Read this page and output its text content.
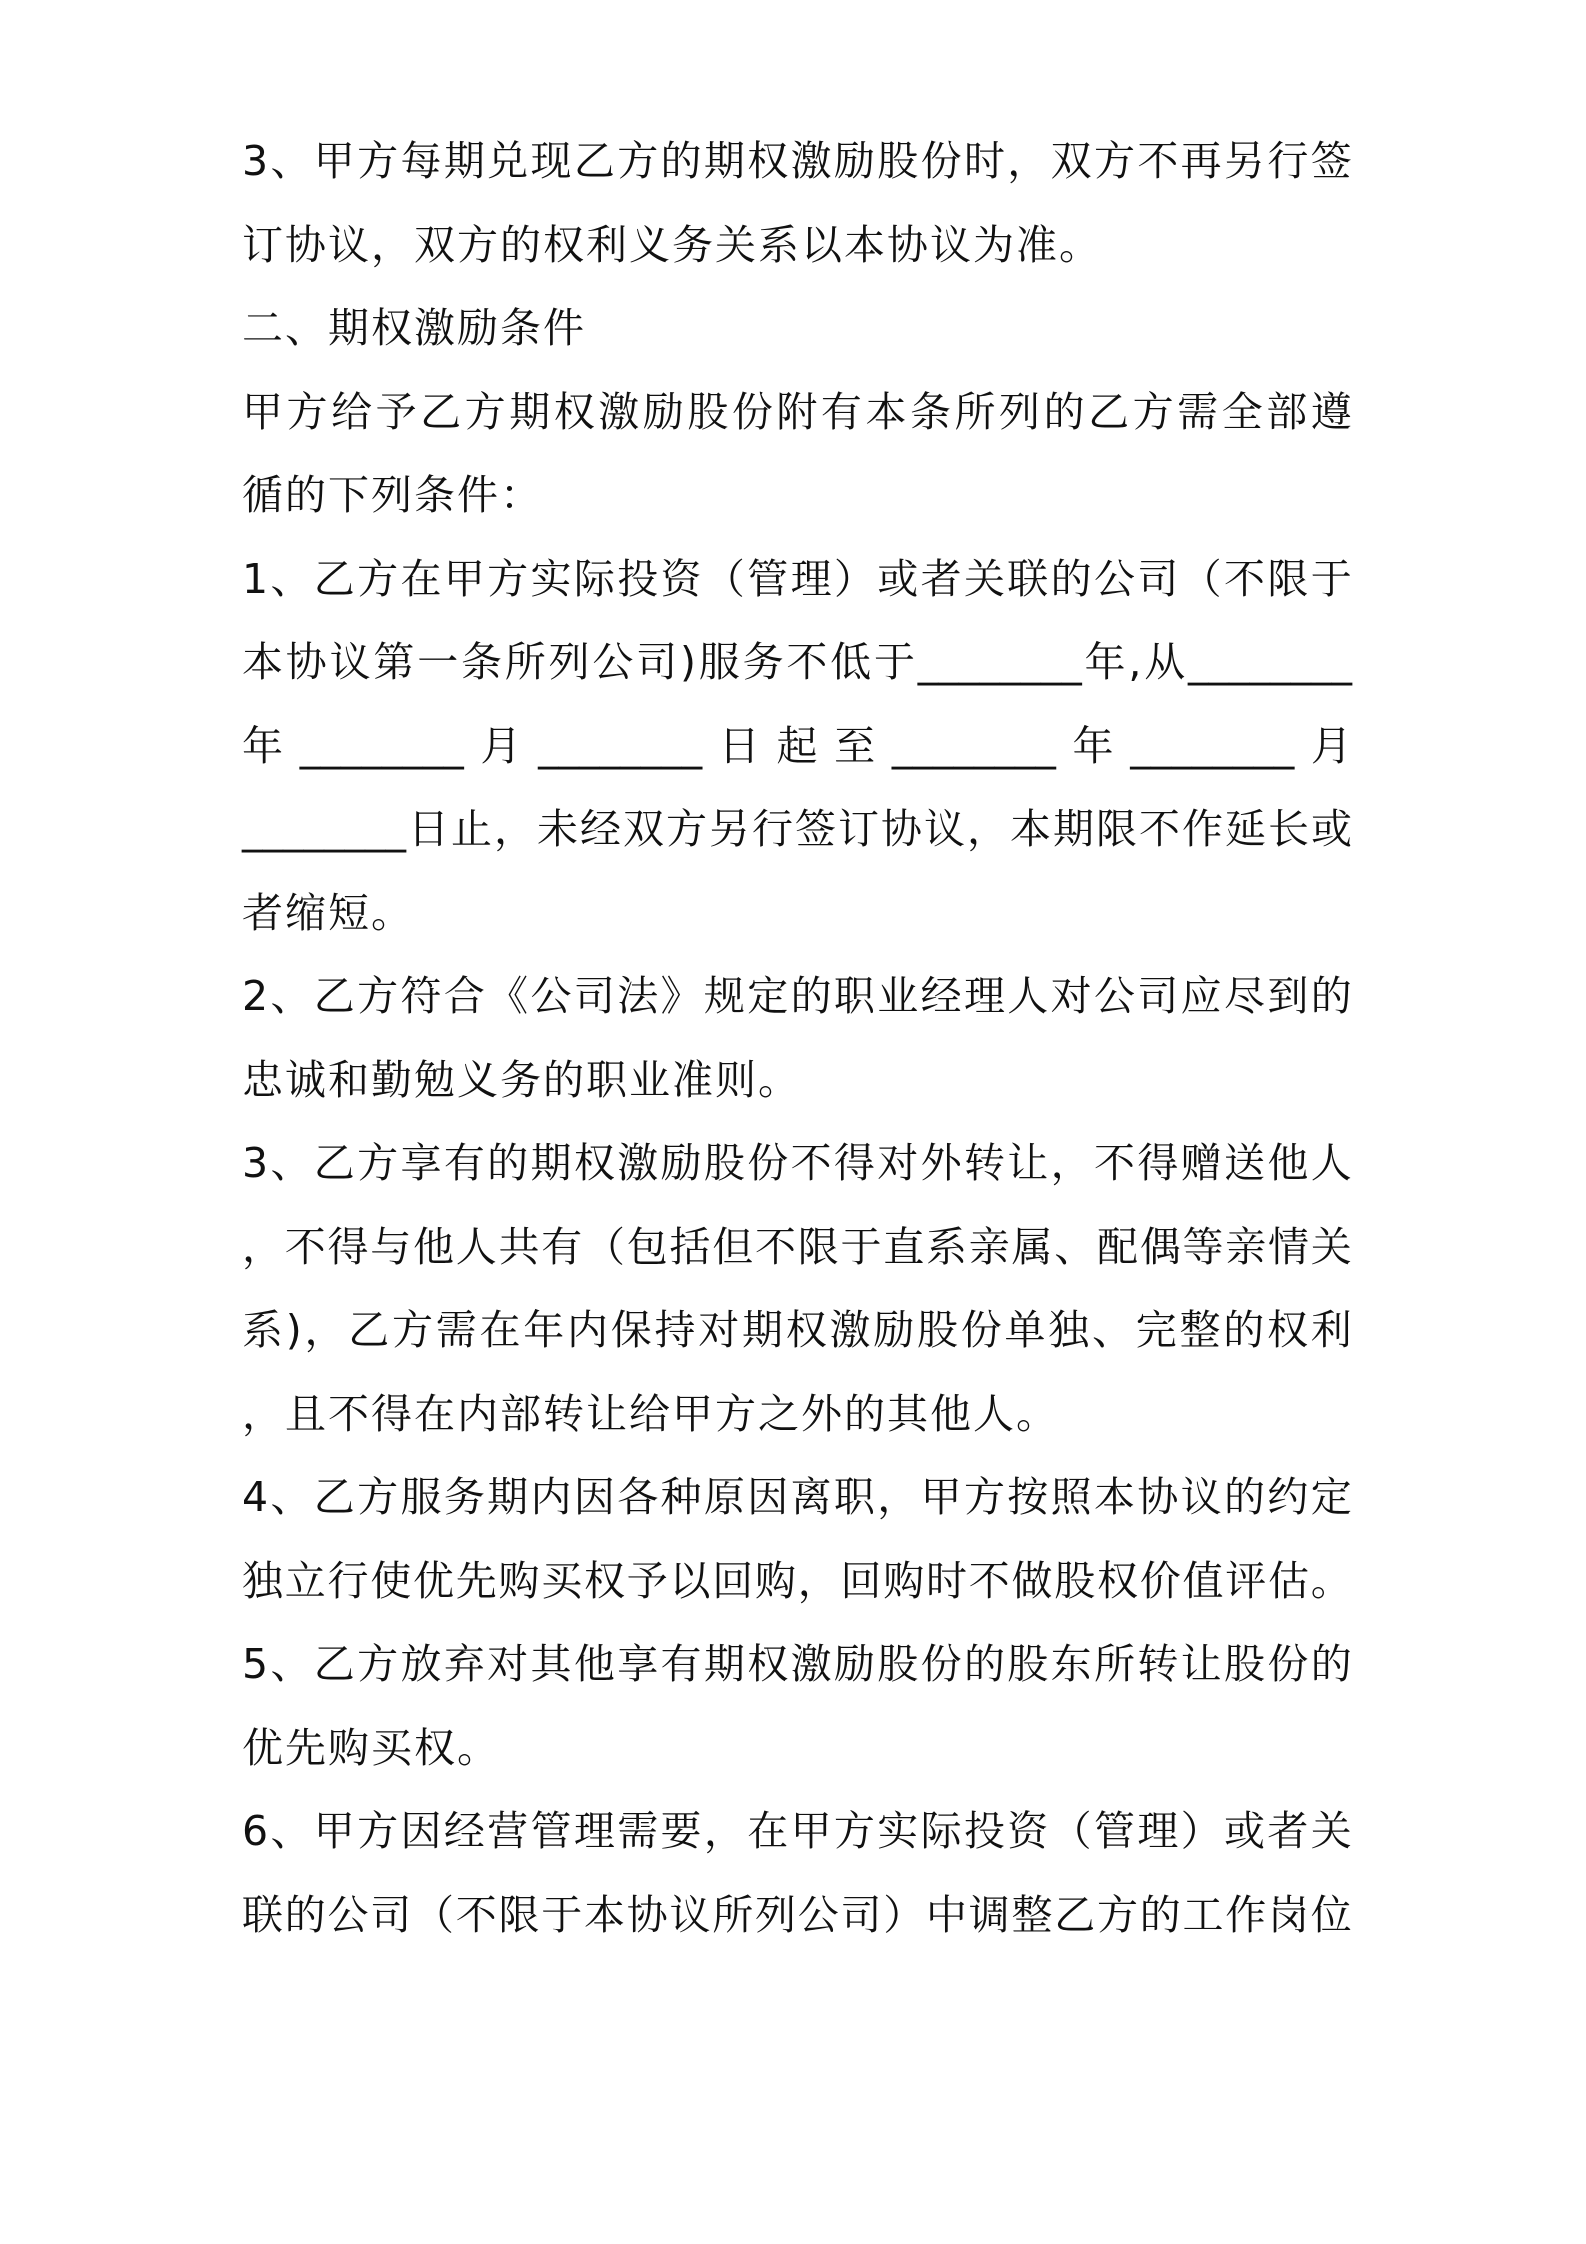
3 、 甲 方 每 期 兑 现 乙 方 的 期 权 激 励 股 份 时 ， 双 方 不 再 另 行 签
订协议，双方的权利义务关系以本协议为准。
二、期权激励条件
甲 方 给 予 乙 方 期 权 激 励 股 份 附 有 本 条 所 列 的 乙 方 需 全 部 遵
循的下列条件：
1 、 乙 方 在 甲 方 实 际 投 资 （ 管 理 ） 或 者 关 联 的 公 司 （ 不 限 于
本 协 议 第 一 条 所 列 公 司 ) 服 务 不 低 于 ________ 年 , 从 ________
年 ________ 月 ________ 日 起 至 ________ 年 ________ 月
________ 日 止 ， 未 经 双 方 另 行 签 订 协 议 ， 本 期 限 不 作 延 长 或
者缩短。
2 、 乙 方 符 合 《 公 司 法 》 规 定 的 职 业 经 理 人 对 公 司 应 尽 到 的
忠诚和勤勉义务的职业准则。
3 、 乙 方 享 有 的 期 权 激 励 股 份 不 得 对 外 转 让 ， 不 得 赠 送 他 人
， 不 得 与 他 人 共 有 （ 包 括 但 不 限 于 直 系 亲 属 、 配 偶 等 亲 情 关
系 ) ， 乙 方 需 在 年 内 保 持 对 期 权 激 励 股 份 单 独 、 完 整 的 权 利
，且不得在内部转让给甲方之外的其他人。
4 、 乙 方 服 务 期 内 因 各 种 原 因 离 职 ， 甲 方 按 照 本 协 议 的 约 定
独 立 行 使 优 先 购 买 权 予 以 回 购 ， 回 购 时 不 做 股 权 价 值 评 估 。
5 、 乙 方 放 弃 对 其 他 享 有 期 权 激 励 股 份 的 股 东 所 转 让 股 份 的
优先购买权。
6 、 甲 方 因 经 营 管 理 需 要 ， 在 甲 方 实 际 投 资 （ 管 理 ） 或 者 关
联 的 公 司 （ 不 限 于 本 协 议 所 列 公 司 ） 中 调 整 乙 方 的 工 作 岗 位
